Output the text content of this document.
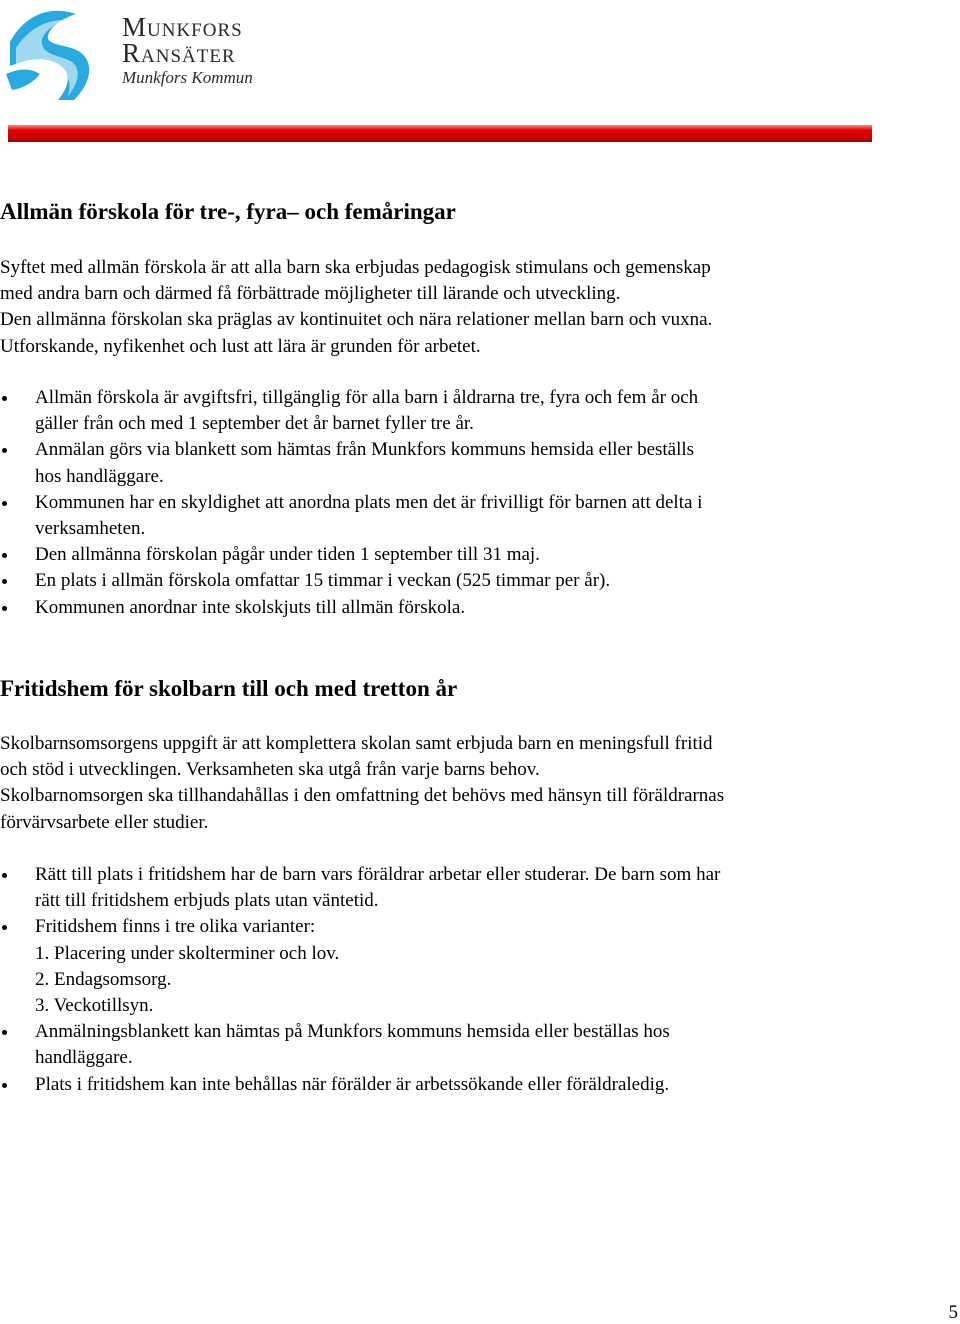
Munkfors
Ransäter
Munkfors Kommun
Allmän förskola för tre-, fyra– och femåringar
Syftet med allmän förskola är att alla barn ska erbjudas pedagogisk stimulans och gemenskap
med andra barn och därmed få förbättrade möjligheter till lärande och utveckling.
Den allmänna förskolan ska präglas av kontinuitet och nära relationer mellan barn och vuxna.
Utforskande, nyfikenhet och lust att lära är grunden för arbetet.
Allmän förskola är avgiftsfri, tillgänglig för alla barn i åldrarna tre, fyra och fem år och
gäller från och med 1 september det år barnet fyller tre år.
Anmälan görs via blankett som hämtas från Munkfors kommuns hemsida eller beställs
hos handläggare.
Kommunen har en skyldighet att anordna plats men det är frivilligt för barnen att delta i
verksamheten.
Den allmänna förskolan pågår under tiden 1 september till 31 maj.
En plats i allmän förskola omfattar 15 timmar i veckan (525 timmar per år).
Kommunen anordnar inte skolskjuts till allmän förskola.
Fritidshem för skolbarn till och med tretton år
Skolbarnsomsorgens uppgift är att komplettera skolan samt erbjuda barn en meningsfull fritid
och stöd i utvecklingen. Verksamheten ska utgå från varje barns behov.
Skolbarnomsorgen ska tillhandahållas i den omfattning det behövs med hänsyn till föräldrarnas
förvärvsarbete eller studier.
Rätt till plats i fritidshem har de barn vars föräldrar arbetar eller studerar. De barn som har
rätt till fritidshem erbjuds plats utan väntetid.
Fritidshem finns i tre olika varianter:
1. Placering under skolterminer och lov.
2. Endagsomsorg.
3. Veckotillsyn.
Anmälningsblankett kan hämtas på Munkfors kommuns hemsida eller beställas hos
handläggare.
Plats i fritidshem kan inte behållas när förälder är arbetssökande eller föräldraledig.
5
